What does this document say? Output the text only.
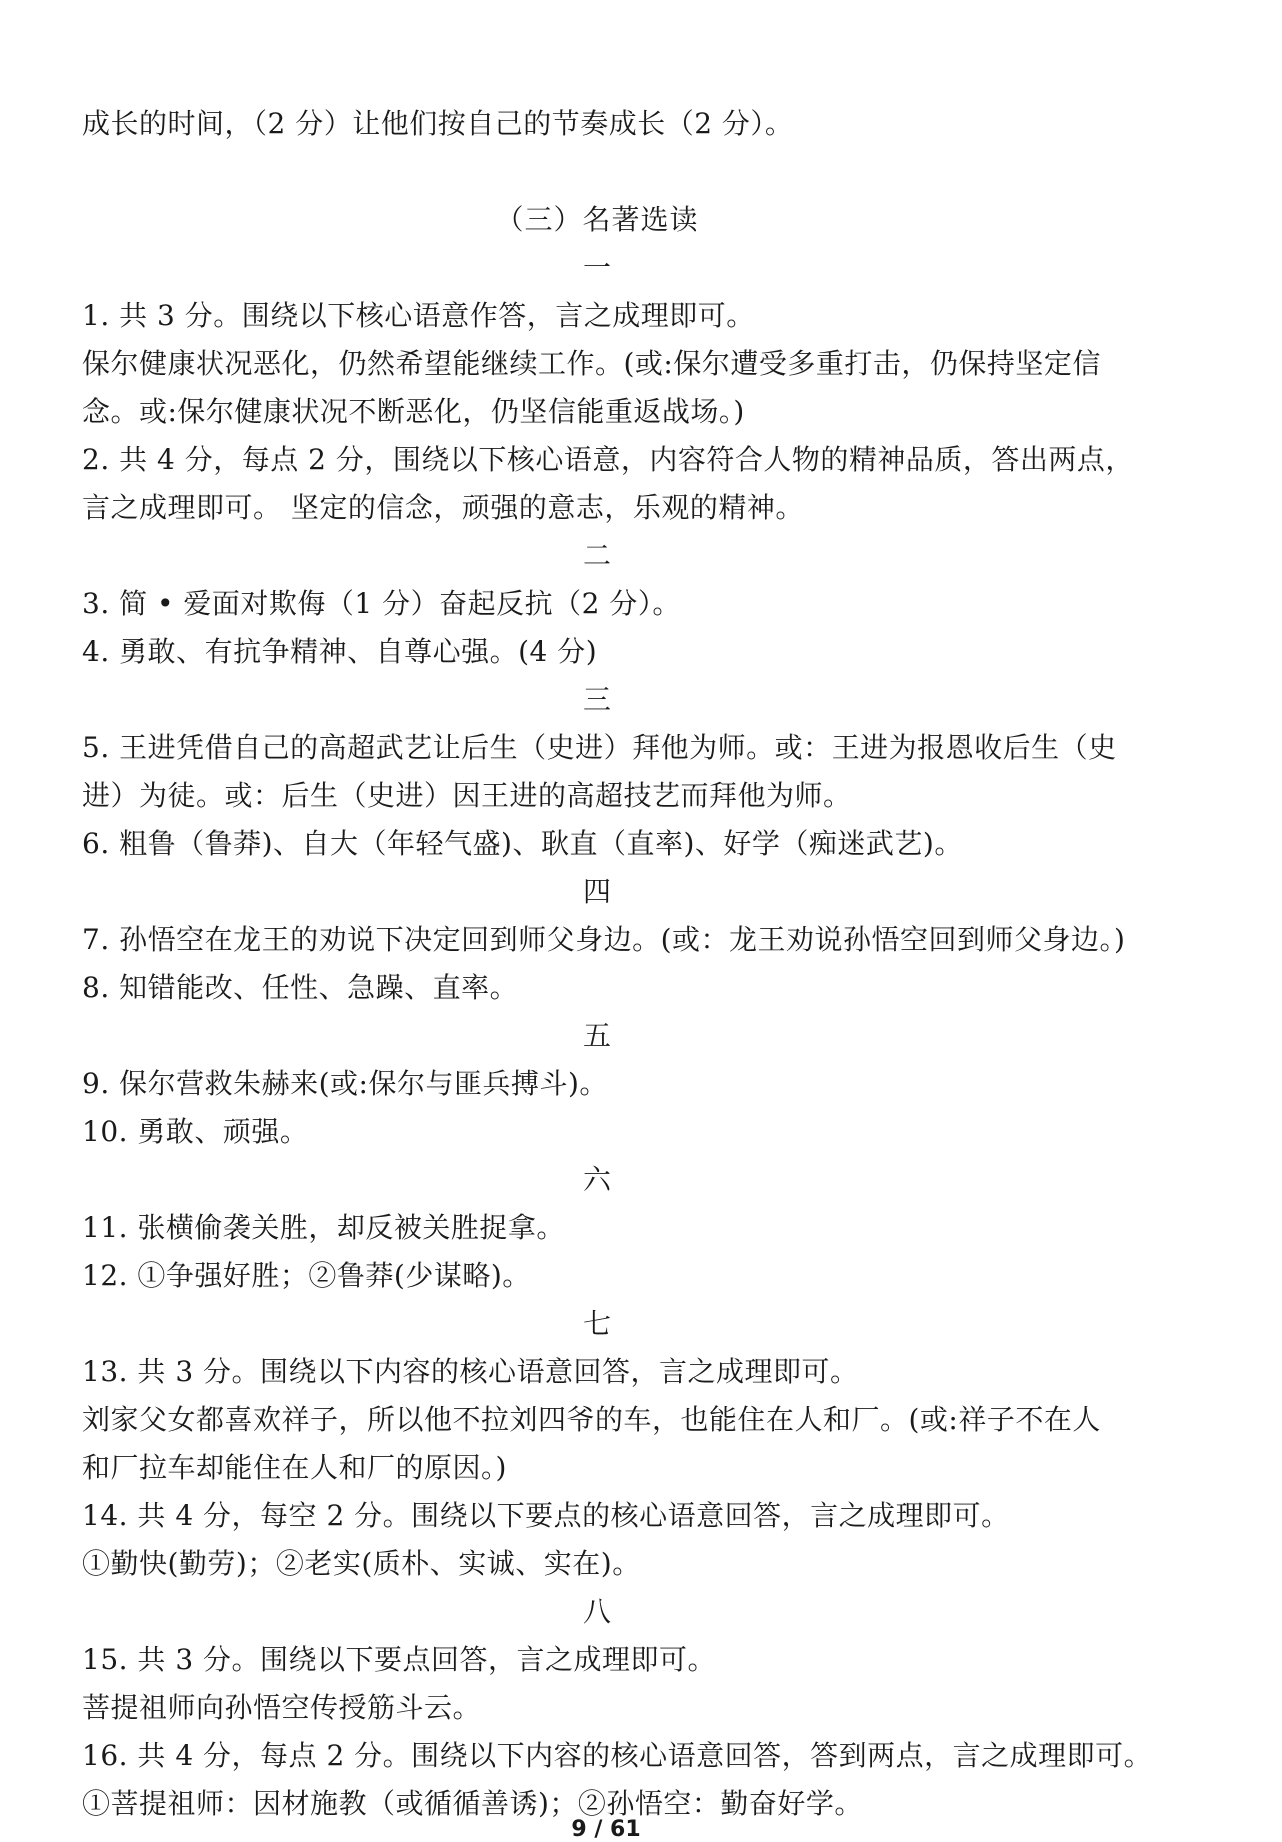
成长的时间，（2 分）让他们按自己的节奏成长（2 分）。
（三）名著选读
一
1. 共 3 分。围绕以下核心语意作答，言之成理即可。
保尔健康状况恶化，仍然希望能继续工作。(或:保尔遭受多重打击，仍保持坚定信
念。或:保尔健康状况不断恶化，仍坚信能重返战场。)
2. 共 4 分，每点 2 分，围绕以下核心语意，内容符合人物的精神品质，答出两点，
言之成理即可。 坚定的信念，顽强的意志，乐观的精神。
二
3. 简 • 爱面对欺侮（1 分）奋起反抗（2 分）。
4. 勇敢、有抗争精神、自尊心强。(4 分)
三
5. 王进凭借自己的高超武艺让后生（史进）拜他为师。或：王进为报恩收后生（史
进）为徒。或：后生（史进）因王进的高超技艺而拜他为师。
6. 粗鲁（鲁莽)、自大（年轻气盛)、耿直（直率)、好学（痴迷武艺)。
四
7. 孙悟空在龙王的劝说下决定回到师父身边。(或：龙王劝说孙悟空回到师父身边。)
8. 知错能改、任性、急躁、直率。
五
9. 保尔营救朱赫来(或:保尔与匪兵搏斗)。
10. 勇敢、顽强。
六
11. 张横偷袭关胜，却反被关胜捉拿。
12. ①争强好胜；②鲁莽(少谋略)。
七
13. 共 3 分。围绕以下内容的核心语意回答，言之成理即可。
刘家父女都喜欢祥子，所以他不拉刘四爷的车，也能住在人和厂。(或:祥子不在人
和厂拉车却能住在人和厂的原因。)
14. 共 4 分，每空 2 分。围绕以下要点的核心语意回答，言之成理即可。
①勤快(勤劳)；②老实(质朴、实诚、实在)。
八
15. 共 3 分。围绕以下要点回答，言之成理即可。
菩提祖师向孙悟空传授筋斗云。
16. 共 4 分，每点 2 分。围绕以下内容的核心语意回答，答到两点，言之成理即可。
①菩提祖师：因材施教（或循循善诱)；②孙悟空：勤奋好学。
9 / 61
